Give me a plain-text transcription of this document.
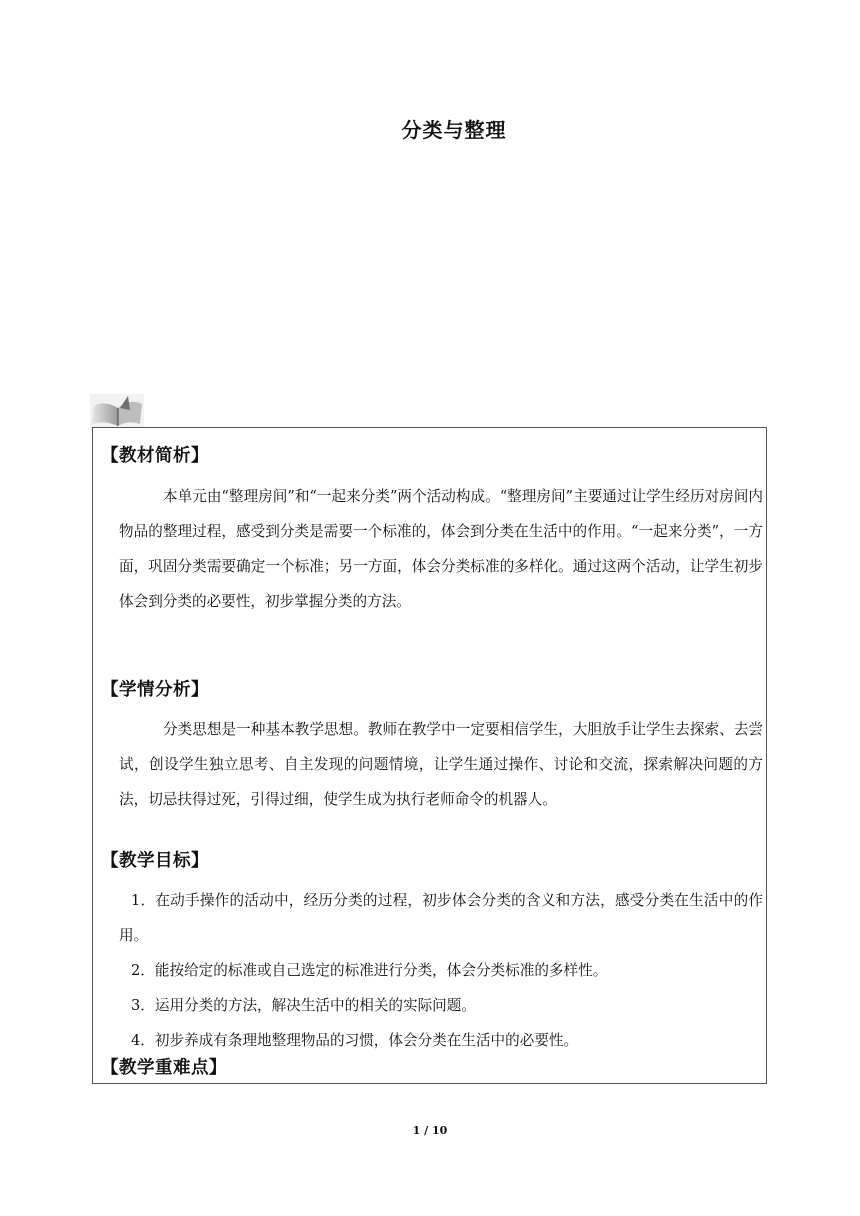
分类与整理
【教材简析】
本单元由“整理房间”和“一起来分类”两个活动构成。“整理房间”主要通过让学生经历对房间内物品的整理过程，感受到分类是需要一个标准的，体会到分类在生活中的作用。“一起来分类”，一方面，巩固分类需要确定一个标准；另一方面，体会分类标准的多样化。通过这两个活动，让学生初步体会到分类的必要性，初步掌握分类的方法。
【学情分析】
分类思想是一种基本教学思想。教师在教学中一定要相信学生，大胆放手让学生去探索、去尝试，创设学生独立思考、自主发现的问题情境，让学生通过操作、讨论和交流，探索解决问题的方法，切忌扶得过死，引得过细，使学生成为执行老师命令的机器人。
【教学目标】
1．在动手操作的活动中，经历分类的过程，初步体会分类的含义和方法，感受分类在生活中的作用。
2．能按给定的标准或自己选定的标准进行分类，体会分类标准的多样性。
3．运用分类的方法，解决生活中的相关的实际问题。
4．初步养成有条理地整理物品的习惯，体会分类在生活中的必要性。
【教学重难点】
1 / 10
